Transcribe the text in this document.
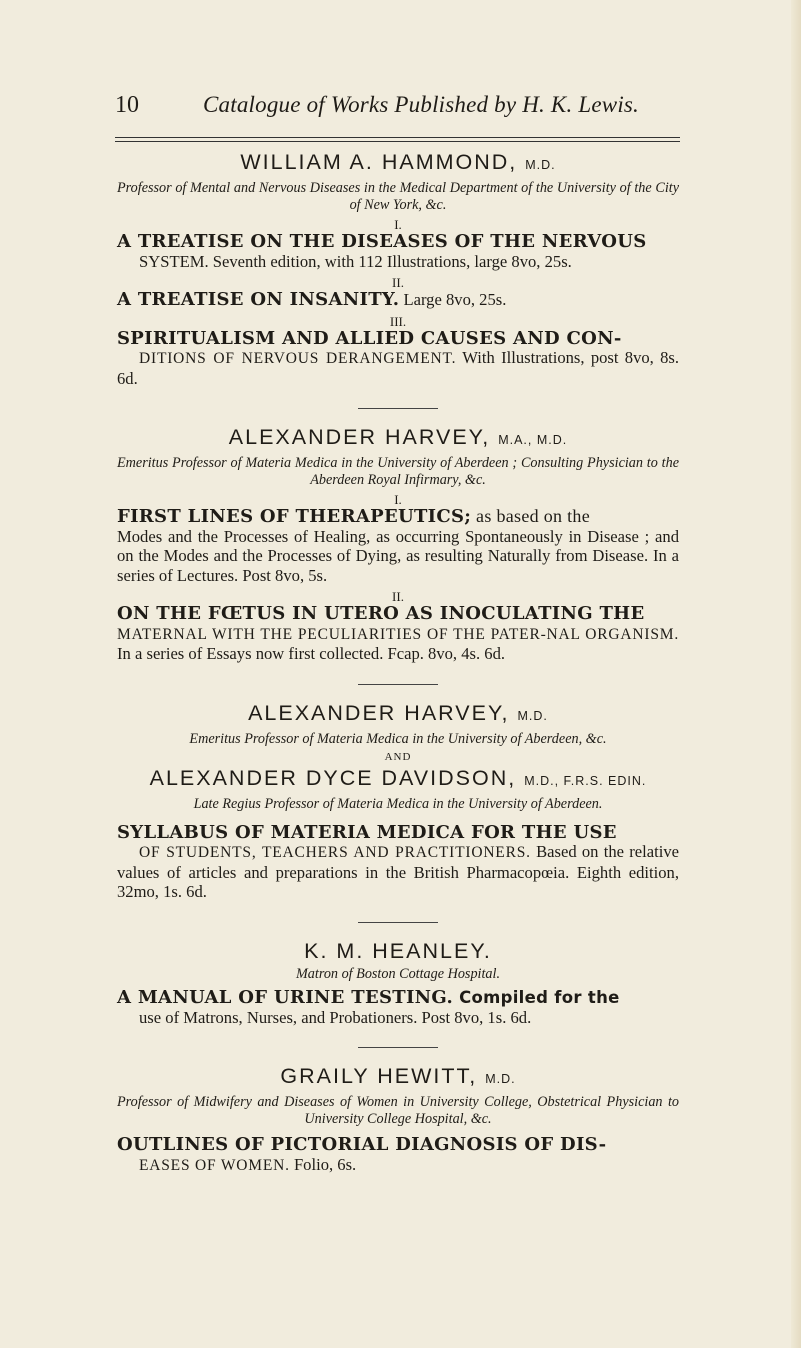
10	Catalogue of Works Published by H. K. Lewis.
WILLIAM A. HAMMOND, M.D.
Professor of Mental and Nervous Diseases in the Medical Department of the University of the City of New York, &c.
I.
A TREATISE ON THE DISEASES OF THE NERVOUS
SYSTEM. Seventh edition, with 112 Illustrations, large 8vo, 25s.
II.
A TREATISE ON INSANITY. Large 8vo, 25s.
III.
SPIRITUALISM AND ALLIED CAUSES AND CON-
DITIONS OF NERVOUS DERANGEMENT. With Illustrations, post 8vo, 8s. 6d.
ALEXANDER HARVEY, M.A., M.D.
Emeritus Professor of Materia Medica in the University of Aberdeen ; Consulting Physician to the Aberdeen Royal Infirmary, &c.
I.
FIRST LINES OF THERAPEUTICS; as based on the
Modes and the Processes of Healing, as occurring Spontaneously in Disease ; and on the Modes and the Processes of Dying, as resulting Naturally from Disease. In a series of Lectures. Post 8vo, 5s.
II.
ON THE FŒTUS IN UTERO AS INOCULATING THE
MATERNAL WITH THE PECULIARITIES OF THE PATER-NAL ORGANISM. In a series of Essays now first collected. Fcap. 8vo, 4s. 6d.
ALEXANDER HARVEY, M.D.
Emeritus Professor of Materia Medica in the University of Aberdeen, &c.
AND
ALEXANDER DYCE DAVIDSON, M.D., F.R.S. EDIN.
Late Regius Professor of Materia Medica in the University of Aberdeen.
SYLLABUS OF MATERIA MEDICA FOR THE USE
OF STUDENTS, TEACHERS AND PRACTITIONERS. Based on the relative values of articles and preparations in the British Pharmacopœia. Eighth edition, 32mo, 1s. 6d.
K. M. HEANLEY.
Matron of Boston Cottage Hospital.
A MANUAL OF URINE TESTING. Compiled for the
use of Matrons, Nurses, and Probationers. Post 8vo, 1s. 6d.
GRAILY HEWITT, M.D.
Professor of Midwifery and Diseases of Women in University College, Obstetrical Physician to University College Hospital, &c.
OUTLINES OF PICTORIAL DIAGNOSIS OF DIS-
EASES OF WOMEN. Folio, 6s.
